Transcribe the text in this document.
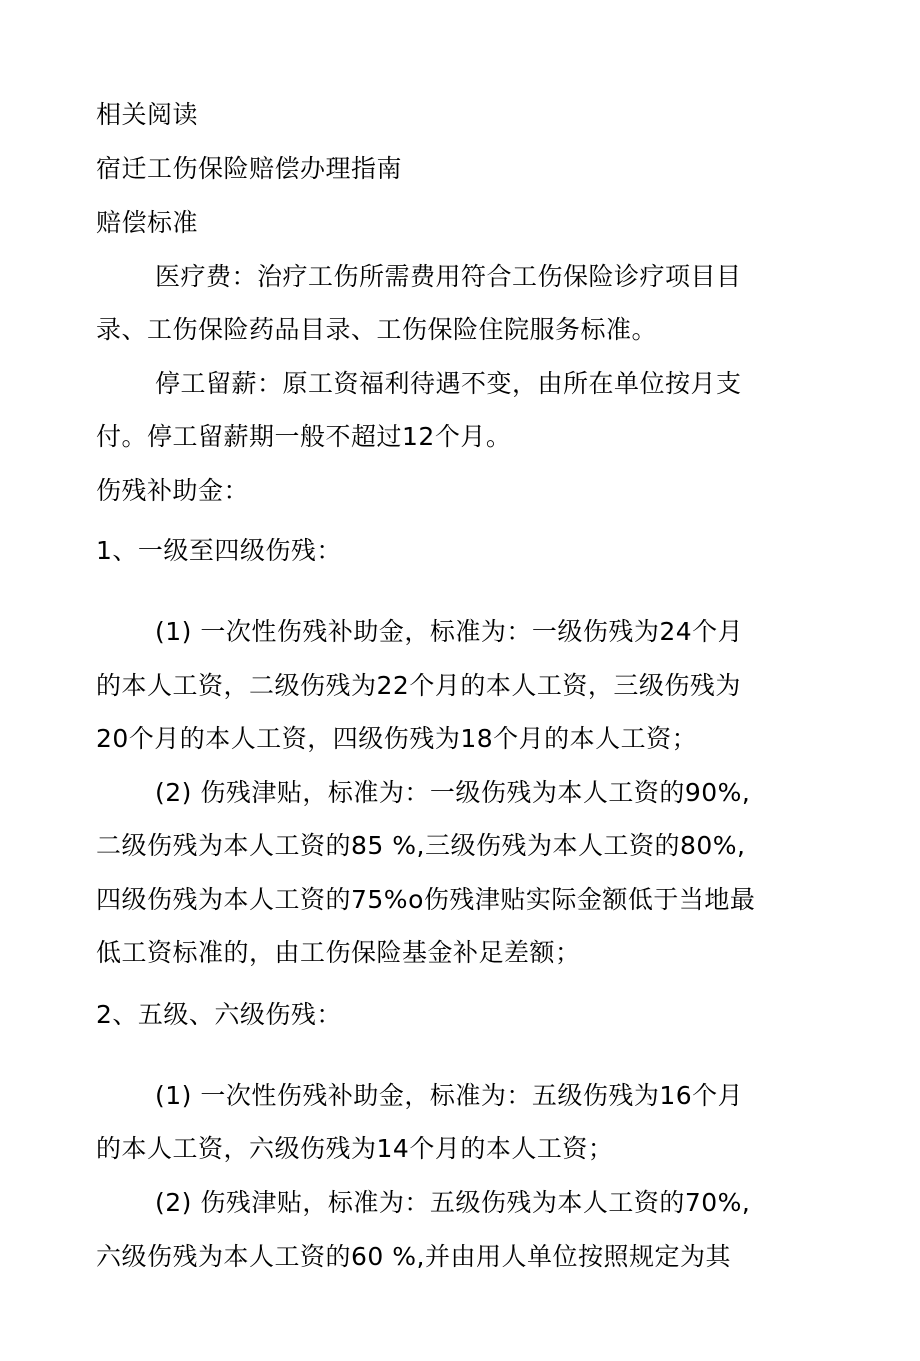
相关阅读

宿迁工伤保险赔偿办理指南

赔偿标准

医疗费：治疗工伤所需费用符合工伤保险诊疗项目目

录、工伤保险药品目录、工伤保险住院服务标准。

停工留薪：原工资福利待遇不变，由所在单位按月支

付。停工留薪期一般不超过12个月。

伤残补助金：

1、一级至四级伤残：

(1) 一次性伤残补助金，标准为：一级伤残为24个月

的本人工资，二级伤残为22个月的本人工资，三级伤残为

20个月的本人工资，四级伤残为18个月的本人工资；

(2) 伤残津贴，标准为：一级伤残为本人工资的90%,

二级伤残为本人工资的85 %,三级伤残为本人工资的80%,

四级伤残为本人工资的75%o伤残津贴实际金额低于当地最

低工资标准的，由工伤保险基金补足差额；

2、五级、六级伤残：

(1) 一次性伤残补助金，标准为：五级伤残为16个月

的本人工资，六级伤残为14个月的本人工资；

(2) 伤残津贴，标准为：五级伤残为本人工资的70%,

六级伤残为本人工资的60 %,并由用人单位按照规定为其
